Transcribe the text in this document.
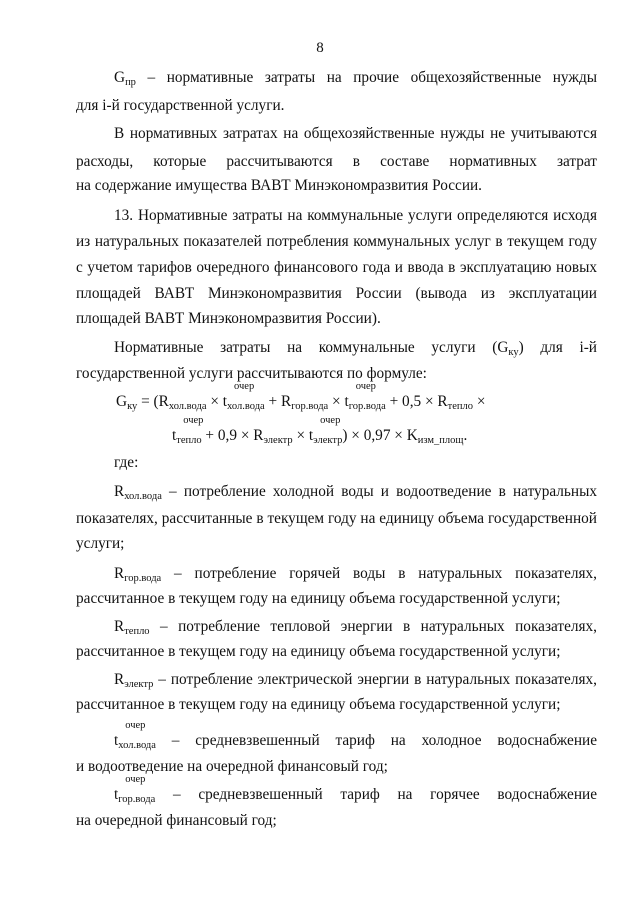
8
$G_{пр}$ – нормативные затраты на прочие общехозяйственные нужды
для i-й государственной услуги.
В нормативных затратах на общехозяйственные нужды не учитываются
расходы, которые рассчитываются в составе нормативных затрат
на содержание имущества ВАВТ Минэкономразвития России.
13. Нормативные затраты на коммунальные услуги определяются исходя
из натуральных показателей потребления коммунальных услуг в текущем году
с учетом тарифов очередного финансового года и ввода в эксплуатацию новых
площадей ВАВТ Минэкономразвития России (вывода из эксплуатации
площадей ВАВТ Минэкономразвития России).
Нормативные затраты на коммунальные услуги $(G_{ку})$ для i-й
государственной услуги рассчитываются по формуле:
$G_{ку} = (R_{хол.вода} \times t$
очер
$_{хол.вода} + R_{гор.вода} \times t$
очер
$_{гор.вода} + 0,5 \times R_{тепло}$ ×
t
очер
$_{тепло} + 0,9 \times R_{электр} \times t$
очер
$_{электр}) \times 0,97 \times K_{изм\_площ}$.
где:
$R_{хол.вода}$ – потребление холодной воды и водоотведение в натуральных
показателях, рассчитанные в текущем году на единицу объема государственной
услуги;
$R_{гор.вода}$ – потребление горячей воды в натуральных показателях,
рассчитанное в текущем году на единицу объема государственной услуги;
$R_{тепло}$ – потребление тепловой энергии в натуральных показателях,
рассчитанное в текущем году на единицу объема государственной услуги;
$R_{электр}$ – потребление электрической энергии в натуральных показателях,
рассчитанное в текущем году на единицу объема государственной услуги;
t
очер
$_{хол.вода}$ – средневзвешенный тариф на холодное водоснабжение
и водоотведение на очередной финансовый год;
t
очер
$_{гор.вода}$ – средневзвешенный тариф на горячее водоснабжение
на очередной финансовый год;
